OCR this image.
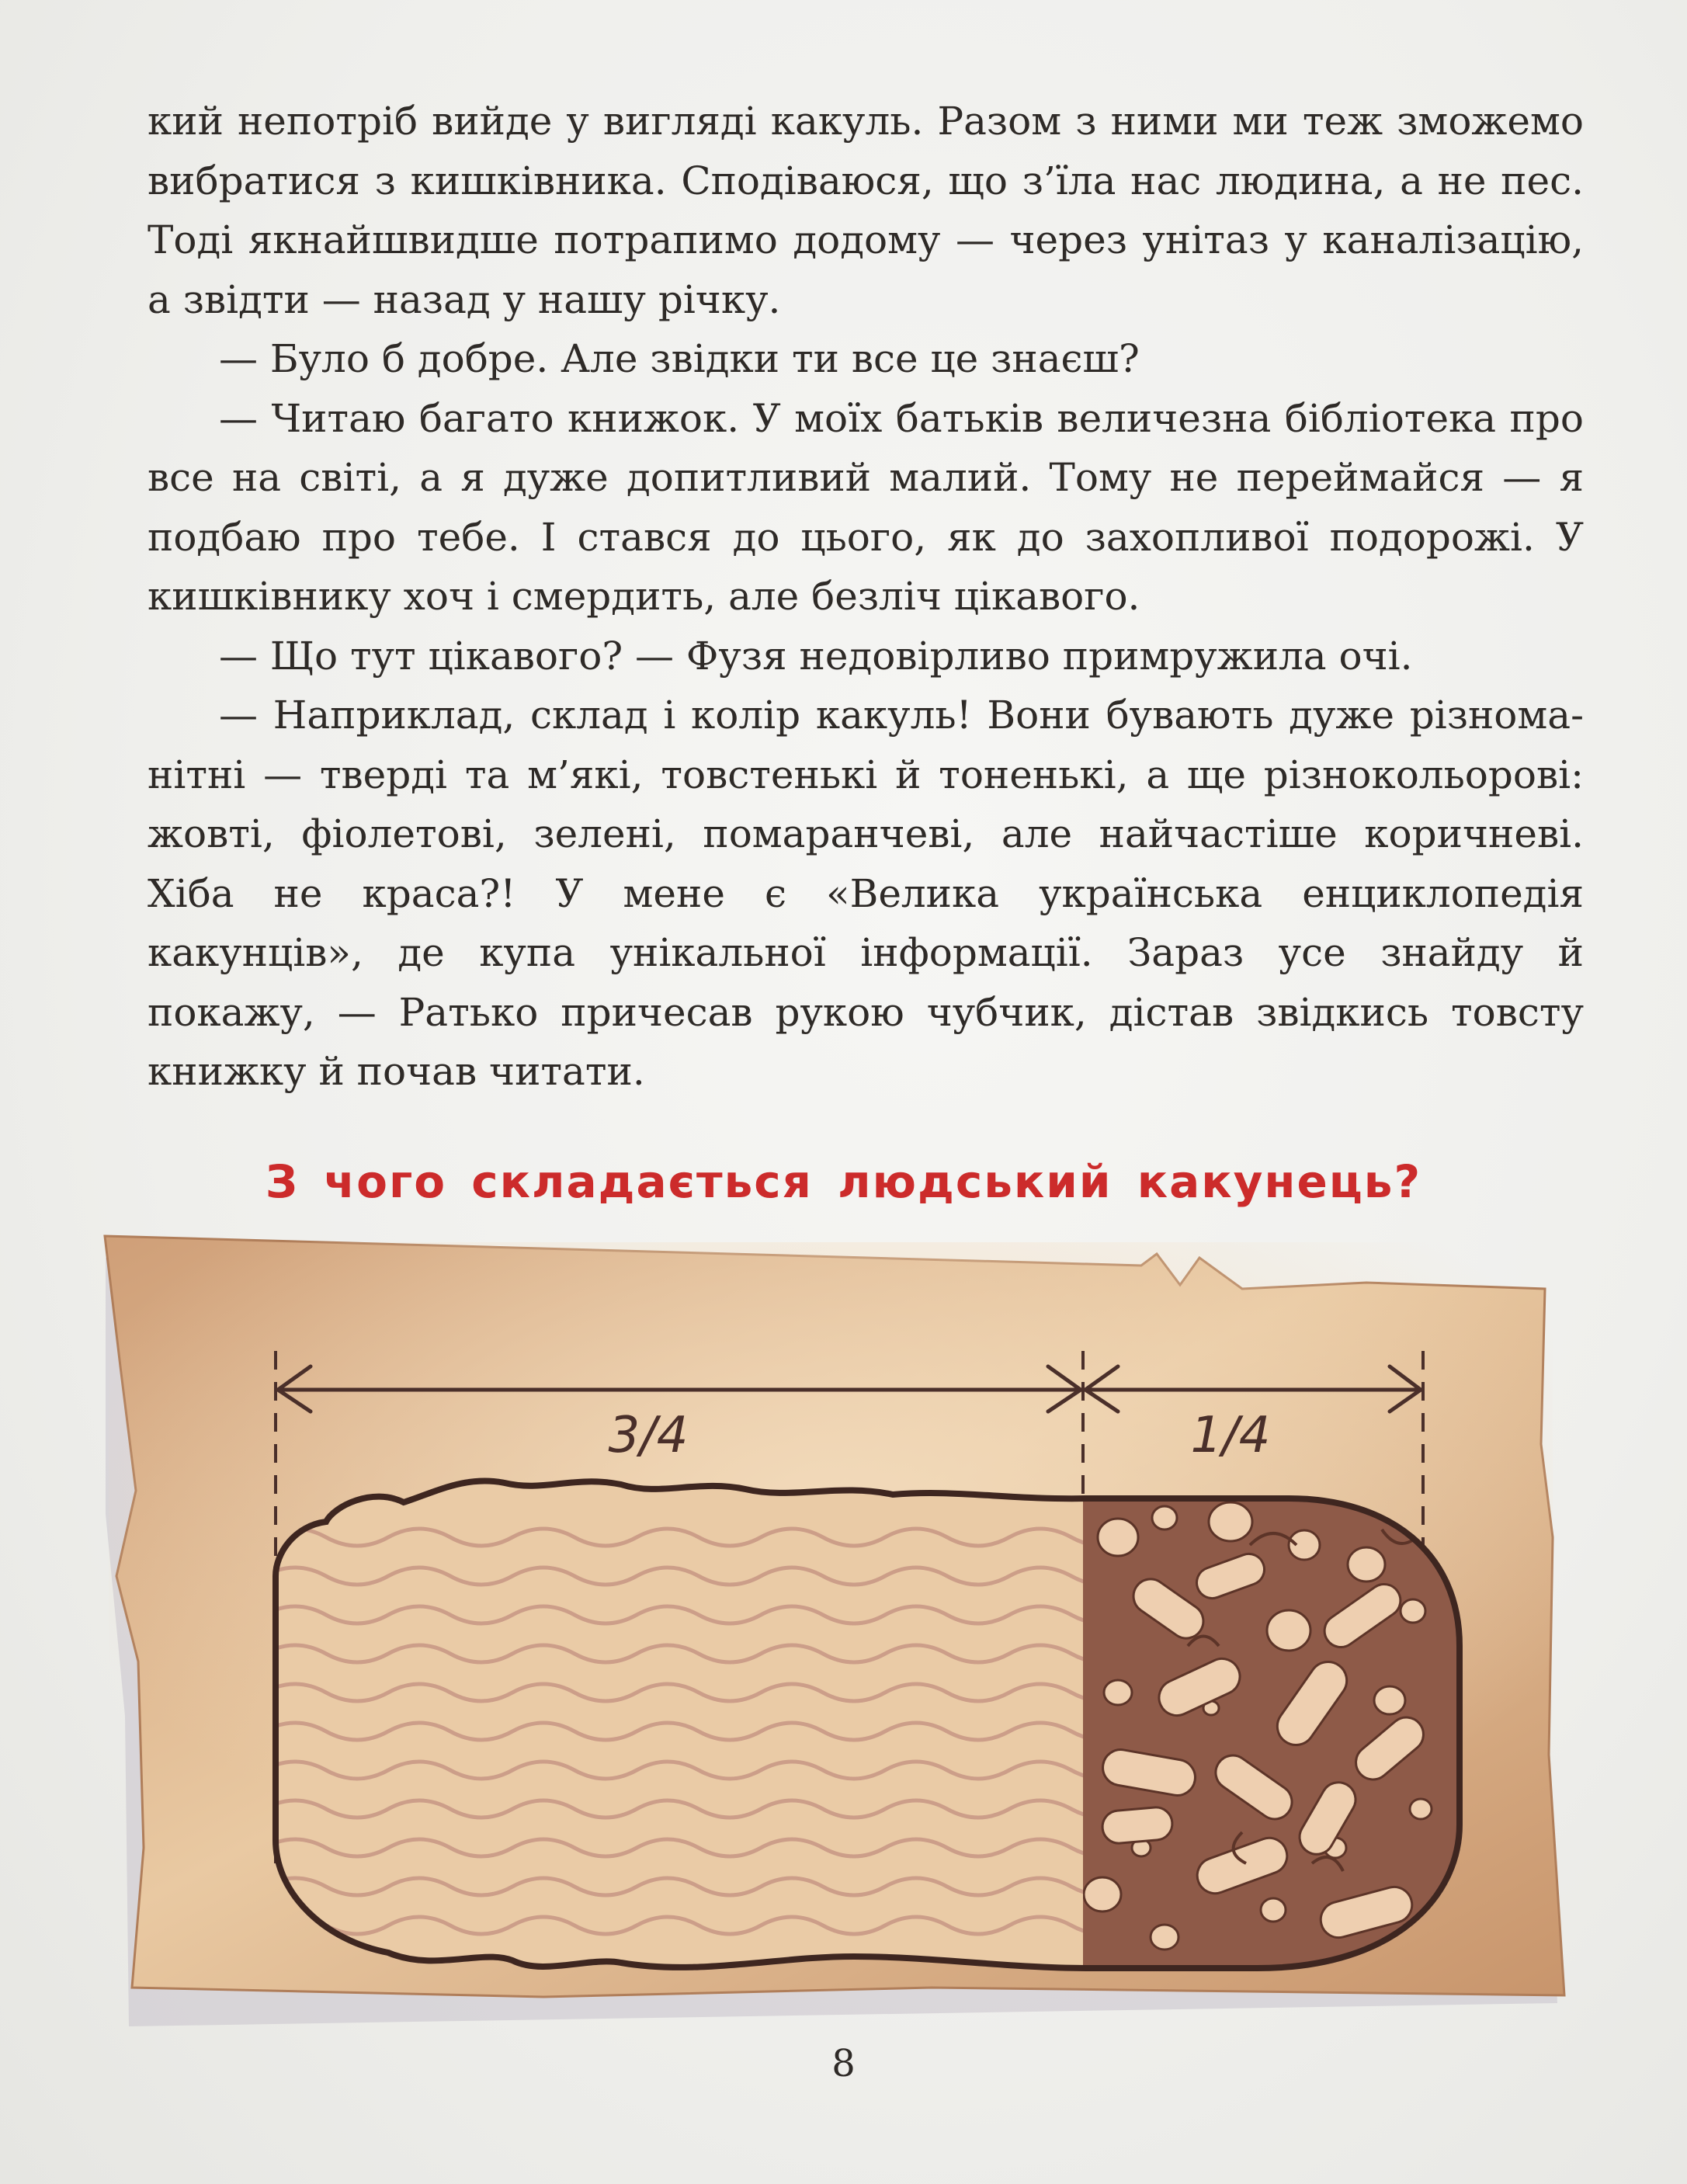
кий непотріб вийде у вигляді какуль. Разом з ними ми теж зможемо вибратися з кишківника. Сподіваюся, що з’їла нас людина, а не пес. Тоді якнайшвидше потрапимо додому — через унітаз у каналізацію, а звідти — назад у нашу річку.

— Було б добре. Але звідки ти все це знаєш?

— Читаю багато книжок. У моїх батьків величезна бібліотека про все на світі, а я дуже допитливий малий. Тому не переймайся — я подбаю про тебе. І стався до цього, як до захопливої подорожі. У кишківнику хоч і смердить, але безліч цікавого.

— Що тут цікавого? — Фузя недовірливо примружила очі.

— Наприклад, склад і колір какуль! Вони бувають дуже різноманітні — тверді та м’які, товстенькі й тоненькі, а ще різнокольорові: жовті, фіолетові, зелені, помаранчеві, але найчастіше коричневі. Хіба не краса?! У мене є «Велика українська енциклопедія какунців», де купа унікальної інформації. Зараз усе знайду й покажу, — Ратько причесав рукою чубчик, дістав звідкись товсту книжку й почав читати.

З чого складається людський какунець?
3/4	1/4
8
